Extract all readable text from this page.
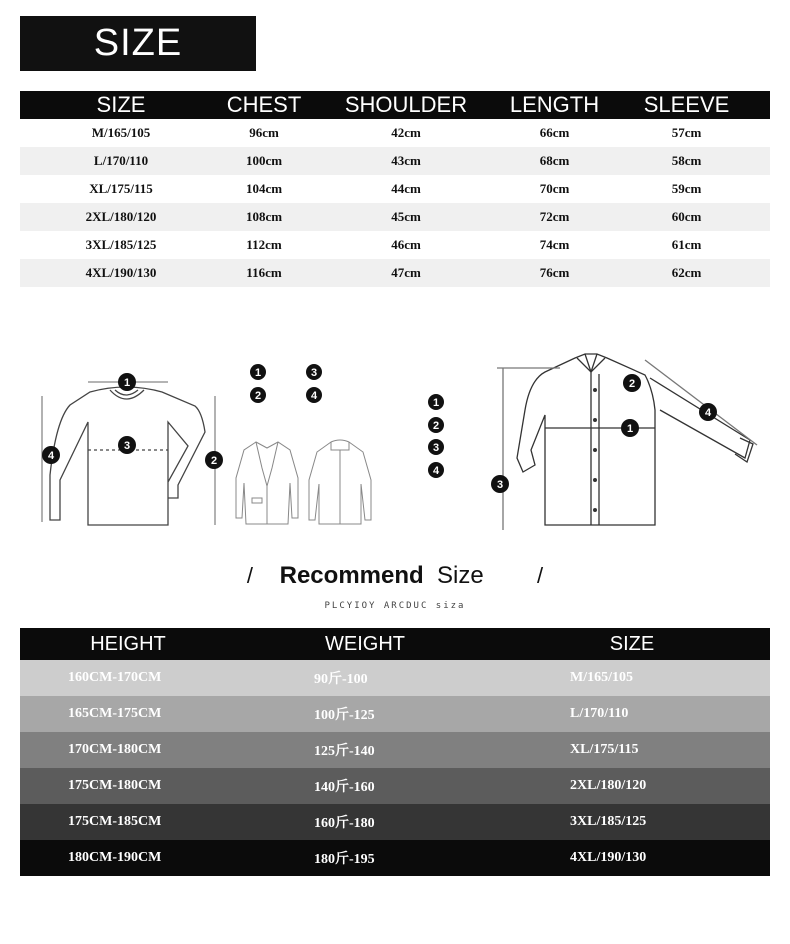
SIZE
SIZE	CHEST	SHOULDER	LENGTH	SLEEVE
M/165/105	96cm	42cm	66cm	57cm
L/170/110	100cm	43cm	68cm	58cm
XL/175/115	104cm	44cm	70cm	59cm
2XL/180/120	108cm	45cm	72cm	60cm
3XL/185/125	112cm	46cm	74cm	61cm
4XL/190/130	116cm	47cm	76cm	62cm
1
3
2
4
1
2
3
4
1
2
3
4
2
1
3
4
/ Recommend Size /
PLCYIOY ARCDUC siza
HEIGHT	WEIGHT	SIZE
160CM-170CM	90斤-100	M/165/105
165CM-175CM	100斤-125	L/170/110
170CM-180CM	125斤-140	XL/175/115
175CM-180CM	140斤-160	2XL/180/120
175CM-185CM	160斤-180	3XL/185/125
180CM-190CM	180斤-195	4XL/190/130
